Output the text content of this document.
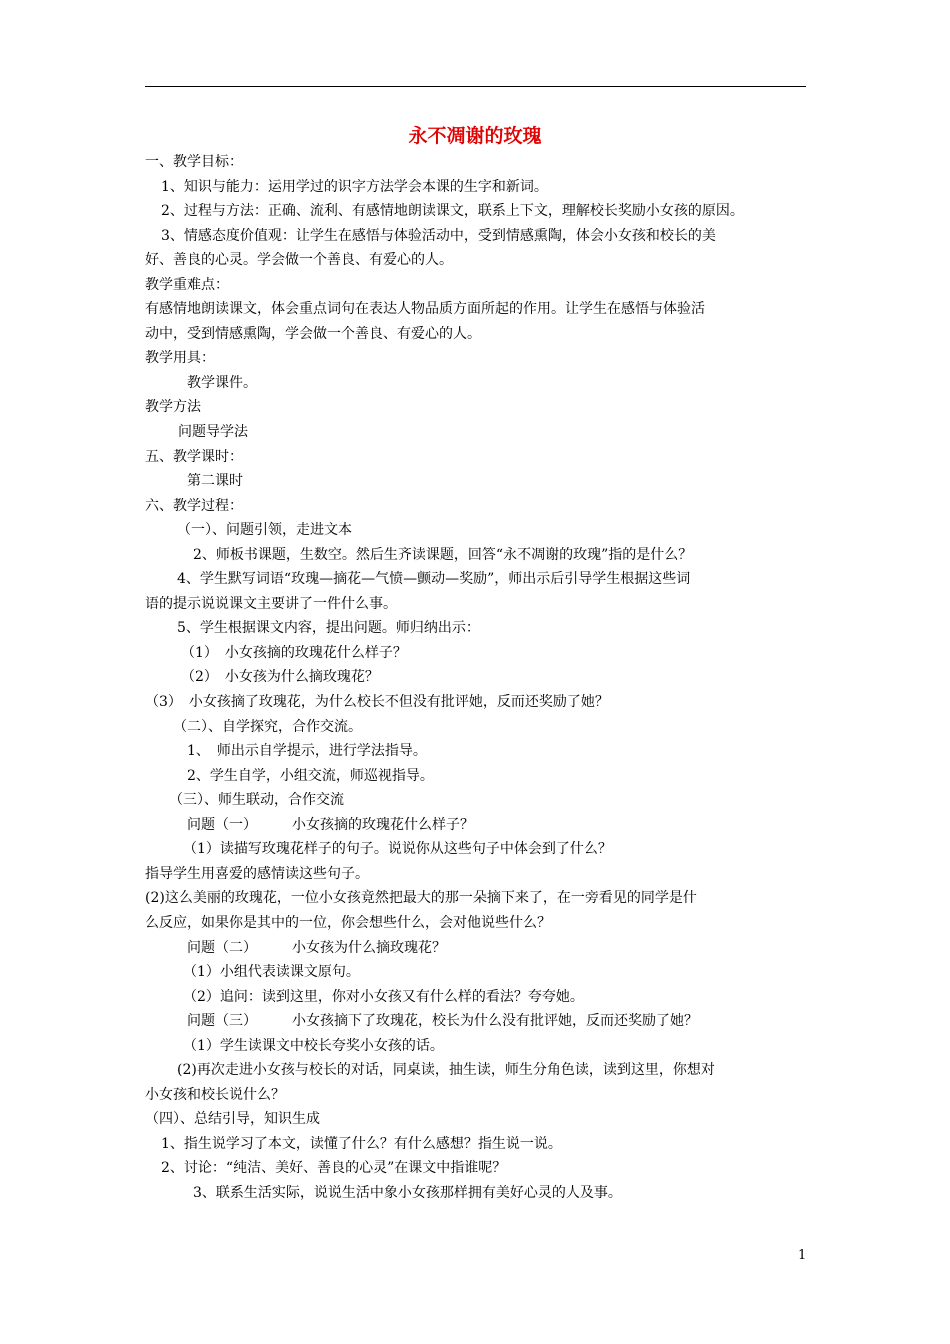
永不凋谢的玫瑰
一、教学目标：
1、知识与能力：运用学过的识字方法学会本课的生字和新词。
2、过程与方法：正确、流利、有感情地朗读课文，联系上下文，理解校长奖励小女孩的原因。
3、情感态度价值观：让学生在感悟与体验活动中，受到情感熏陶，体会小女孩和校长的美
好、善良的心灵。学会做一个善良、有爱心的人。
教学重难点：
有感情地朗读课文，体会重点词句在表达人物品质方面所起的作用。让学生在感悟与体验活
动中，受到情感熏陶，学会做一个善良、有爱心的人。
教学用具：
教学课件。
教学方法
问题导学法
五、教学课时：
第二课时
六、教学过程：
（一）、问题引领，走进文本
2、师板书课题，生数空。然后生齐读课题，回答“永不凋谢的玫瑰”指的是什么？
4、学生默写词语“玫瑰—摘花—气愤—颤动—奖励”，师出示后引导学生根据这些词
语的提示说说课文主要讲了一件什么事。
5、学生根据课文内容，提出问题。师归纳出示：
（1）　小女孩摘的玫瑰花什么样子？
（2）　小女孩为什么摘玫瑰花？
（3）　小女孩摘了玫瑰花，为什么校长不但没有批评她，反而还奖励了她？
（二）、自学探究，合作交流。
1、　师出示自学提示，进行学法指导。
2、学生自学，小组交流，师巡视指导。
（三）、师生联动，合作交流
问题（一）　　　小女孩摘的玫瑰花什么样子？
（1）读描写玫瑰花样子的句子。说说你从这些句子中体会到了什么？
指导学生用喜爱的感情读这些句子。
(2)这么美丽的玫瑰花，一位小女孩竟然把最大的那一朵摘下来了，在一旁看见的同学是什
么反应，如果你是其中的一位，你会想些什么，会对他说些什么？
问题（二）　　　小女孩为什么摘玫瑰花？
（1）小组代表读课文原句。
（2）追问：读到这里，你对小女孩又有什么样的看法？夸夸她。
问题（三）　　　小女孩摘下了玫瑰花，校长为什么没有批评她，反而还奖励了她？
（1）学生读课文中校长夸奖小女孩的话。
(2)再次走进小女孩与校长的对话，同桌读，抽生读，师生分角色读，读到这里，你想对
小女孩和校长说什么？
（四）、总结引导，知识生成
1、指生说学习了本文，读懂了什么？有什么感想？指生说一说。
2、讨论：“纯洁、美好、善良的心灵”在课文中指谁呢？
3、联系生活实际，说说生活中象小女孩那样拥有美好心灵的人及事。
1
